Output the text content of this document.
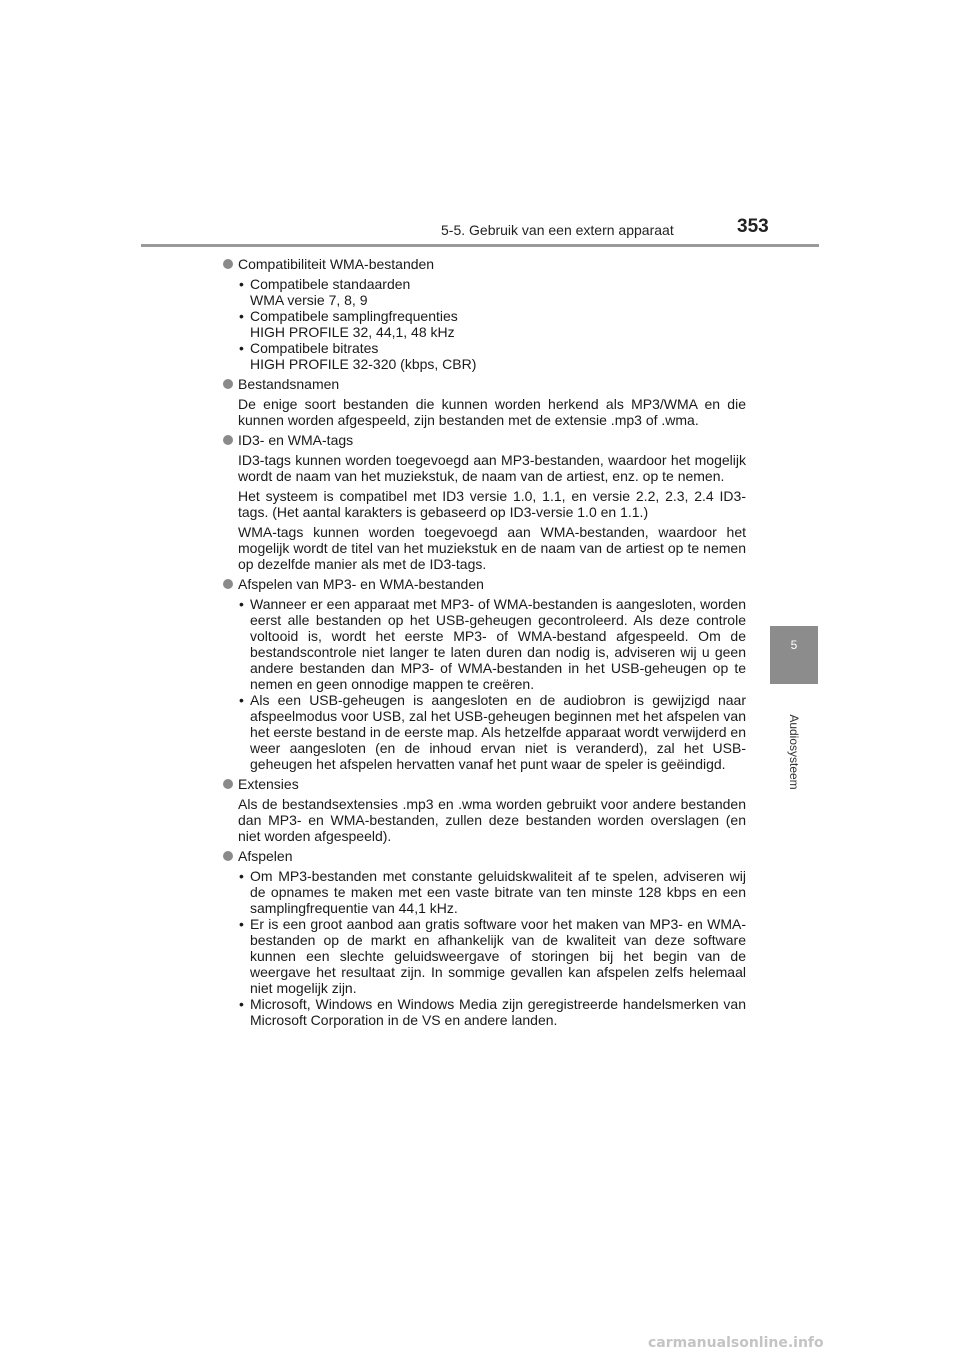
5-5. Gebruik van een extern apparaat	353
5
Audiosysteem
Compatibiliteit WMA-bestanden
• Compatibele standaarden
WMA versie 7, 8, 9
• Compatibele samplingfrequenties
HIGH PROFILE 32, 44,1, 48 kHz
• Compatibele bitrates
HIGH PROFILE 32-320 (kbps, CBR)
Bestandsnamen

De enige soort bestanden die kunnen worden herkend als MP3/WMA en die kunnen worden afgespeeld, zijn bestanden met de extensie .mp3 of .wma.

ID3- en WMA-tags

ID3-tags kunnen worden toegevoegd aan MP3-bestanden, waardoor het mogelijk wordt de naam van het muziekstuk, de naam van de artiest, enz. op te nemen.

Het systeem is compatibel met ID3 versie 1.0, 1.1, en versie 2.2, 2.3, 2.4 ID3-tags. (Het aantal karakters is gebaseerd op ID3-versie 1.0 en 1.1.)

WMA-tags kunnen worden toegevoegd aan WMA-bestanden, waardoor het mogelijk wordt de titel van het muziekstuk en de naam van de artiest op te nemen op dezelfde manier als met de ID3-tags.

Afspelen van MP3- en WMA-bestanden
• Wanneer er een apparaat met MP3- of WMA-bestanden is aangesloten, worden eerst alle bestanden op het USB-geheugen gecontroleerd. Als deze controle voltooid is, wordt het eerste MP3- of WMA-bestand afgespeeld. Om de bestandscontrole niet langer te laten duren dan nodig is, adviseren wij u geen andere bestanden dan MP3- of WMA-bestanden in het USB-geheugen op te nemen en geen onnodige mappen te creëren.
• Als een USB-geheugen is aangesloten en de audiobron is gewijzigd naar afspeelmodus voor USB, zal het USB-geheugen beginnen met het afspelen van het eerste bestand in de eerste map. Als hetzelfde apparaat wordt verwijderd en weer aangesloten (en de inhoud ervan niet is veranderd), zal het USB-geheugen het afspelen hervatten vanaf het punt waar de speler is geëindigd.
Extensies

Als de bestandsextensies .mp3 en .wma worden gebruikt voor andere bestanden dan MP3- en WMA-bestanden, zullen deze bestanden worden overslagen (en niet worden afgespeeld).

Afspelen
• Om MP3-bestanden met constante geluidskwaliteit af te spelen, adviseren wij de opnames te maken met een vaste bitrate van ten minste 128 kbps en een samplingfrequentie van 44,1 kHz.
• Er is een groot aanbod aan gratis software voor het maken van MP3- en WMA-bestanden op de markt en afhankelijk van de kwaliteit van deze software kunnen een slechte geluidsweergave of storingen bij het begin van de weergave het resultaat zijn. In sommige gevallen kan afspelen zelfs helemaal niet mogelijk zijn.
• Microsoft, Windows en Windows Media zijn geregistreerde handelsmerken van Microsoft Corporation in de VS en andere landen.
carmanualsonline.info
